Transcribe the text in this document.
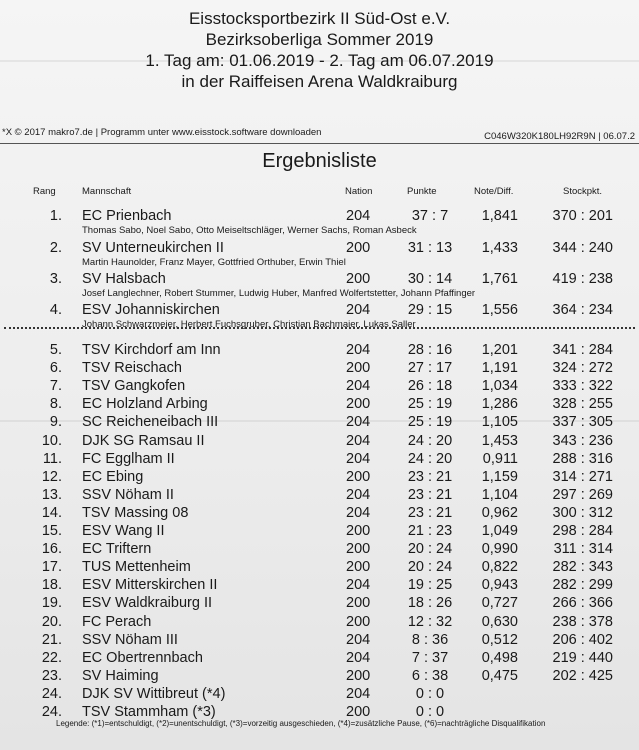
Eisstocksportbezirk II Süd-Ost e.V.
Bezirksoberliga Sommer 2019
1. Tag am: 01.06.2019 - 2. Tag am 06.07.2019
in der Raiffeisen Arena Waldkraiburg
*X © 2017 makro7.de | Programm unter www.eisstock.software downloaden	C046W320K180LH92R9N | 06.07.2
Ergebnisliste
Rang	Mannschaft	Nation	Punkte	Note/Diff.	Stockpkt.
1. EC Prienbach	204	37 : 7	1,841	370 : 201
Thomas Sabo, Noel Sabo, Otto Meiseltschläger, Werner Sachs, Roman Asbeck
2. SV Unterneukirchen II	200	31 : 13	1,433	344 : 240
Martin Haunolder, Franz Mayer, Gottfried Orthuber, Erwin Thiel
3. SV Halsbach	200	30 : 14	1,761	419 : 238
Josef Langlechner, Robert Stummer, Ludwig Huber, Manfred Wolfertstetter, Johann Pfaffinger
4. ESV Johanniskirchen	204	29 : 15	1,556	364 : 234
Johann Schwarzmeier, Herbert Fuchsgruber, Christian Bachmaier, Lukas Saller
5. TSV Kirchdorf am Inn	204	28 : 16	1,201	341 : 284
6. TSV Reischach	200	27 : 17	1,191	324 : 272
7. TSV Gangkofen	204	26 : 18	1,034	333 : 322
8. EC Holzland Arbing	200	25 : 19	1,286	328 : 255
9. SC Reicheneibach III	204	25 : 19	1,105	337 : 305
10. DJK SG Ramsau II	204	24 : 20	1,453	343 : 236
11. FC Egglham II	204	24 : 20	0,911	288 : 316
12. EC Ebing	200	23 : 21	1,159	314 : 271
13. SSV Nöham II	204	23 : 21	1,104	297 : 269
14. TSV Massing 08	204	23 : 21	0,962	300 : 312
15. ESV Wang II	200	21 : 23	1,049	298 : 284
16. EC Triftern	200	20 : 24	0,990	311 : 314
17. TUS Mettenheim	200	20 : 24	0,822	282 : 343
18. ESV Mitterskirchen II	204	19 : 25	0,943	282 : 299
19. ESV Waldkraiburg II	200	18 : 26	0,727	266 : 366
20. FC Perach	200	12 : 32	0,630	238 : 378
21. SSV Nöham III	204	8 : 36	0,512	206 : 402
22. EC Obertrennbach	204	7 : 37	0,498	219 : 440
23. SV Haiming	200	6 : 38	0,475	202 : 425
24. DJK SV Wittibreut (*4)	204	0 : 0
24. TSV Stammham (*3)	200	0 : 0
Legende: (*1)=entschuldigt, (*2)=unentschuldigt, (*3)=vorzeitig ausgeschieden, (*4)=zusätzliche Pause, (*6)=nachträgliche Disqualifikation
